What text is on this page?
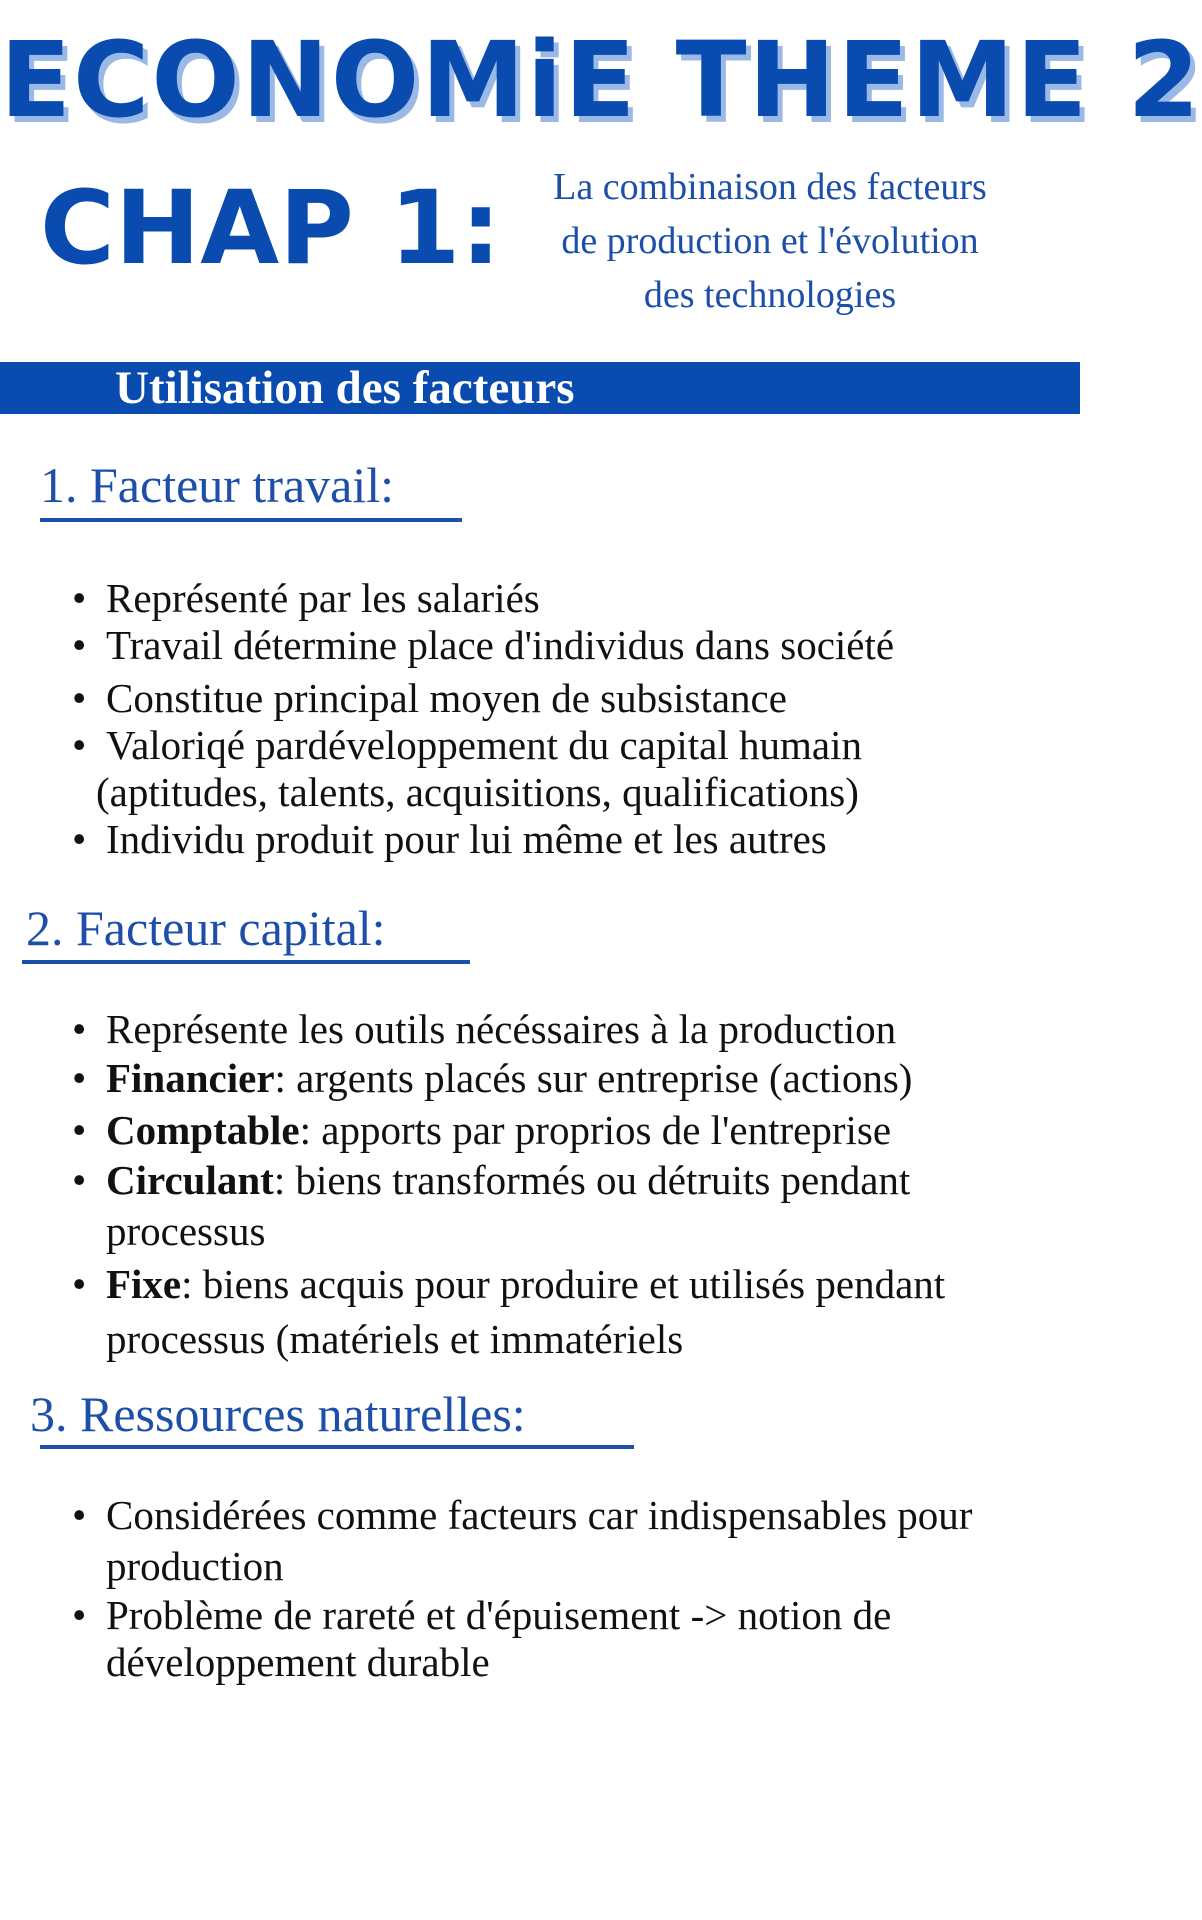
ECONOMiE THEME 2
CHAP 1:	La combinaison des facteurs
de production et l'évolution
des technologies
Utilisation des facteurs
1. Facteur travail:
• Représenté par les salariés
• Travail détermine place d'individus dans société
• Constitue principal moyen de subsistance
• Valoriqé pardéveloppement du capital humain
(aptitudes, talents, acquisitions, qualifications)
• Individu produit pour lui même et les autres
2. Facteur capital:
• Représente les outils nécéssaires à la production
• Financier: argents placés sur entreprise (actions)
• Comptable: apports par proprios de l'entreprise
• Circulant: biens transformés ou détruits pendant processus
• Fixe: biens acquis pour produire et utilisés pendant processus (matériels et immatériels
3. Ressources naturelles:
• Considérées comme facteurs car indispensables pour production
• Problème de rareté et d'épuisement -> notion de développement durable
